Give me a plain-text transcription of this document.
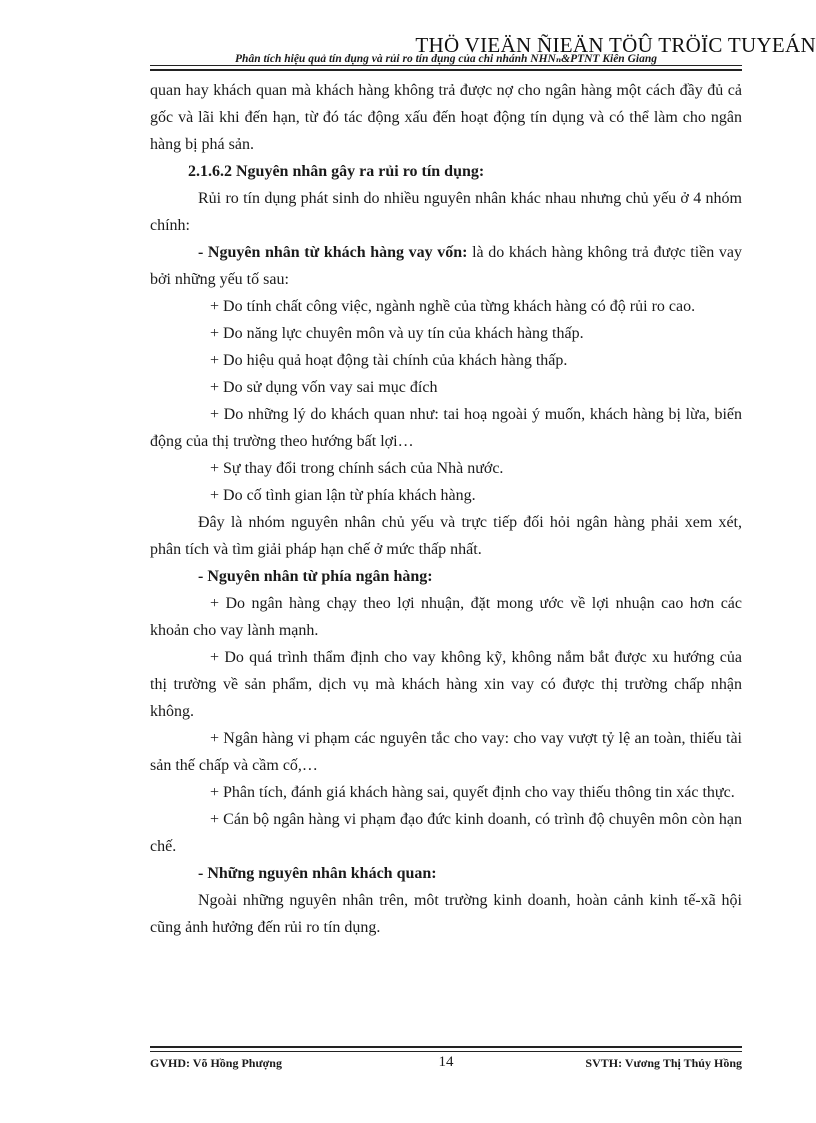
THÖ VIEÄN ÑIEÄN TÖÛ TRÖÏC TUYEÁN
Phân tích hiệu quả tín dụng và rủi ro tín dụng của chi nhánh NHNₙ&PTNT Kiên Giang

quan hay khách quan mà khách hàng không trả được nợ cho ngân hàng một cách đầy đủ cả gốc và lãi khi đến hạn, từ đó tác động xấu đến hoạt động tín dụng và có thể làm cho ngân hàng bị phá sản.

2.1.6.2 Nguyên nhân gây ra rủi ro tín dụng:

Rủi ro tín dụng phát sinh do nhiều nguyên nhân khác nhau nhưng chủ yếu ở 4 nhóm chính:

- Nguyên nhân từ khách hàng vay vốn: là do khách hàng không trả được tiền vay bởi những yếu tố sau:

+ Do tính chất công việc, ngành nghề của từng khách hàng có độ rủi ro cao.

+ Do năng lực chuyên môn và uy tín của khách hàng thấp.

+ Do hiệu quả hoạt động tài chính của khách hàng thấp.

+ Do sử dụng vốn vay sai mục đích

+ Do những lý do khách quan như: tai hoạ ngoài ý muốn, khách hàng bị lừa, biến động của thị trường theo hướng bất lợi…

+ Sự thay đổi trong chính sách của Nhà nước.

+ Do cố tình gian lận từ phía khách hàng.

Đây là nhóm nguyên nhân chủ yếu và trực tiếp đối hỏi ngân hàng phải xem xét, phân tích và tìm giải pháp hạn chế ở mức thấp nhất.

- Nguyên nhân từ phía ngân hàng:

+ Do ngân hàng chạy theo lợi nhuận, đặt mong ước về lợi nhuận cao hơn các khoản cho vay lành mạnh.

+ Do quá trình thẩm định cho vay không kỹ, không nắm bắt được xu hướng của thị trường về sản phẩm, dịch vụ mà khách hàng xin vay có được thị trường chấp nhận không.

+ Ngân hàng vi phạm các nguyên tắc cho vay: cho vay vượt tỷ lệ an toàn, thiếu tài sản thế chấp và cầm cố,…

+ Phân tích, đánh giá khách hàng sai, quyết định cho vay thiếu thông tin xác thực.

+ Cán bộ ngân hàng vi phạm đạo đức kinh doanh, có trình độ chuyên môn còn hạn chế.

- Những nguyên nhân khách quan:

Ngoài những nguyên nhân trên, môt trường kinh doanh, hoàn cảnh kinh tế-xã hội cũng ảnh hưởng đến rủi ro tín dụng.

GVHD: Võ Hồng Phượng	14	SVTH: Vương Thị Thúy Hồng
